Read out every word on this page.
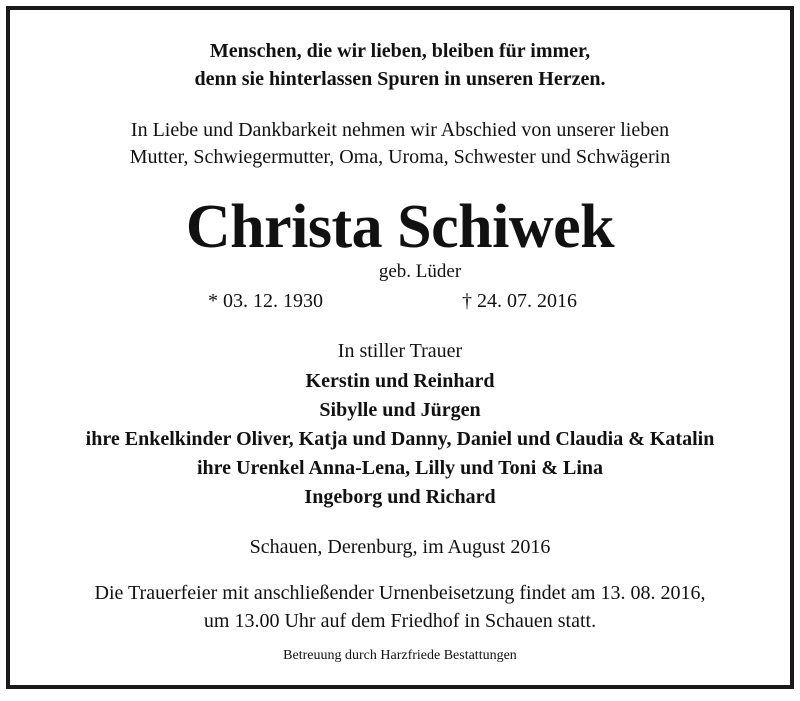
Menschen, die wir lieben, bleiben für immer,
denn sie hinterlassen Spuren in unseren Herzen.
In Liebe und Dankbarkeit nehmen wir Abschied von unserer lieben
Mutter, Schwiegermutter, Oma, Uroma, Schwester und Schwägerin
Christa Schiwek
geb. Lüder
* 03. 12. 1930	† 24. 07. 2016
In stiller Trauer
Kerstin und Reinhard
Sibylle und Jürgen
ihre Enkelkinder Oliver, Katja und Danny, Daniel und Claudia & Katalin
ihre Urenkel Anna-Lena, Lilly und Toni & Lina
Ingeborg und Richard
Schauen, Derenburg, im August 2016
Die Trauerfeier mit anschließender Urnenbeisetzung findet am 13. 08. 2016,
um 13.00 Uhr auf dem Friedhof in Schauen statt.
Betreuung durch Harzfriede Bestattungen
